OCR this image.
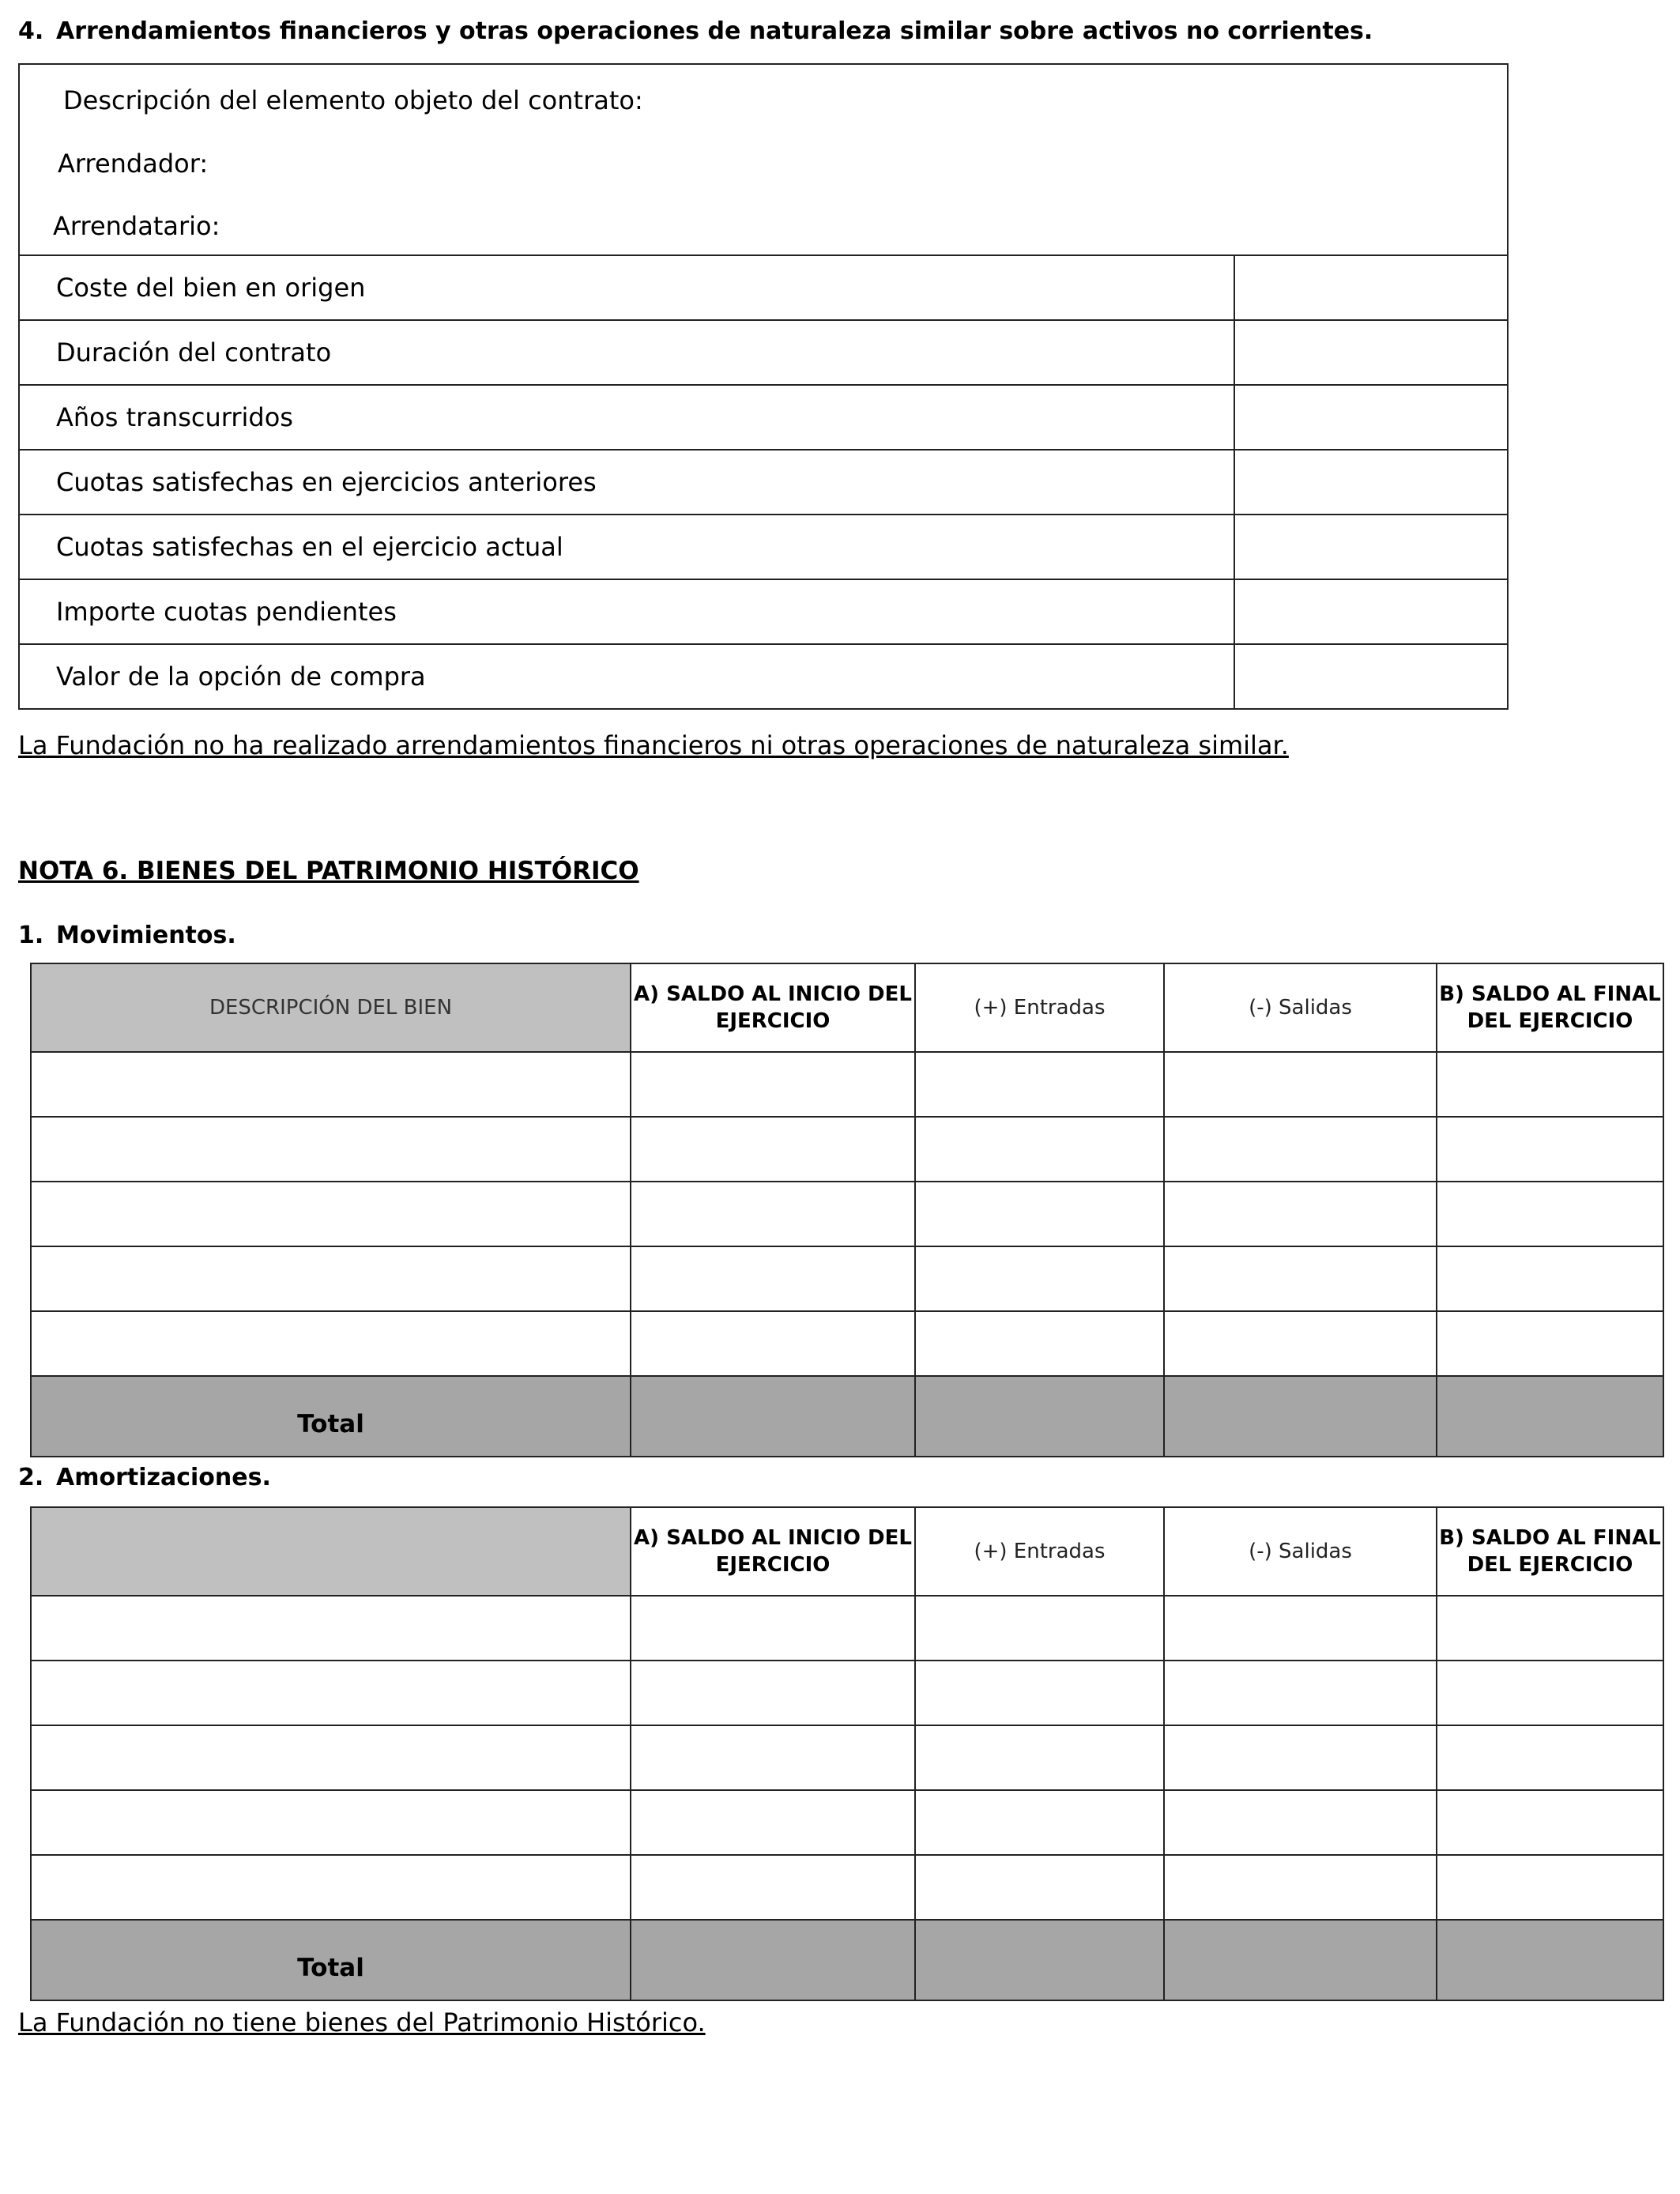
4. Arrendamientos financieros y otras operaciones de naturaleza similar sobre activos no corrientes.
Descripción del elemento objeto del contrato:
Arrendador:
Arrendatario:	

Coste del bien en origen	
Duración del contrato	
Años transcurridos	
Cuotas satisfechas en ejercicios anteriores	
Cuotas satisfechas en el ejercicio actual	
Importe cuotas pendientes	
Valor de la opción de compra	
La Fundación no ha realizado arrendamientos financieros ni otras operaciones de naturaleza similar.
NOTA 6. BIENES DEL PATRIMONIO HISTÓRICO
1. Movimientos.
DESCRIPCIÓN DEL BIEN	A) SALDO AL INICIO DEL EJERCICIO	(+) Entradas	(-) Salidas	B) SALDO AL FINAL DEL EJERCICIO

Total				
2. Amortizaciones.
	A) SALDO AL INICIO DEL EJERCICIO	(+) Entradas	(-) Salidas	B) SALDO AL FINAL DEL EJERCICIO

Total				
La Fundación no tiene bienes del Patrimonio Histórico.
